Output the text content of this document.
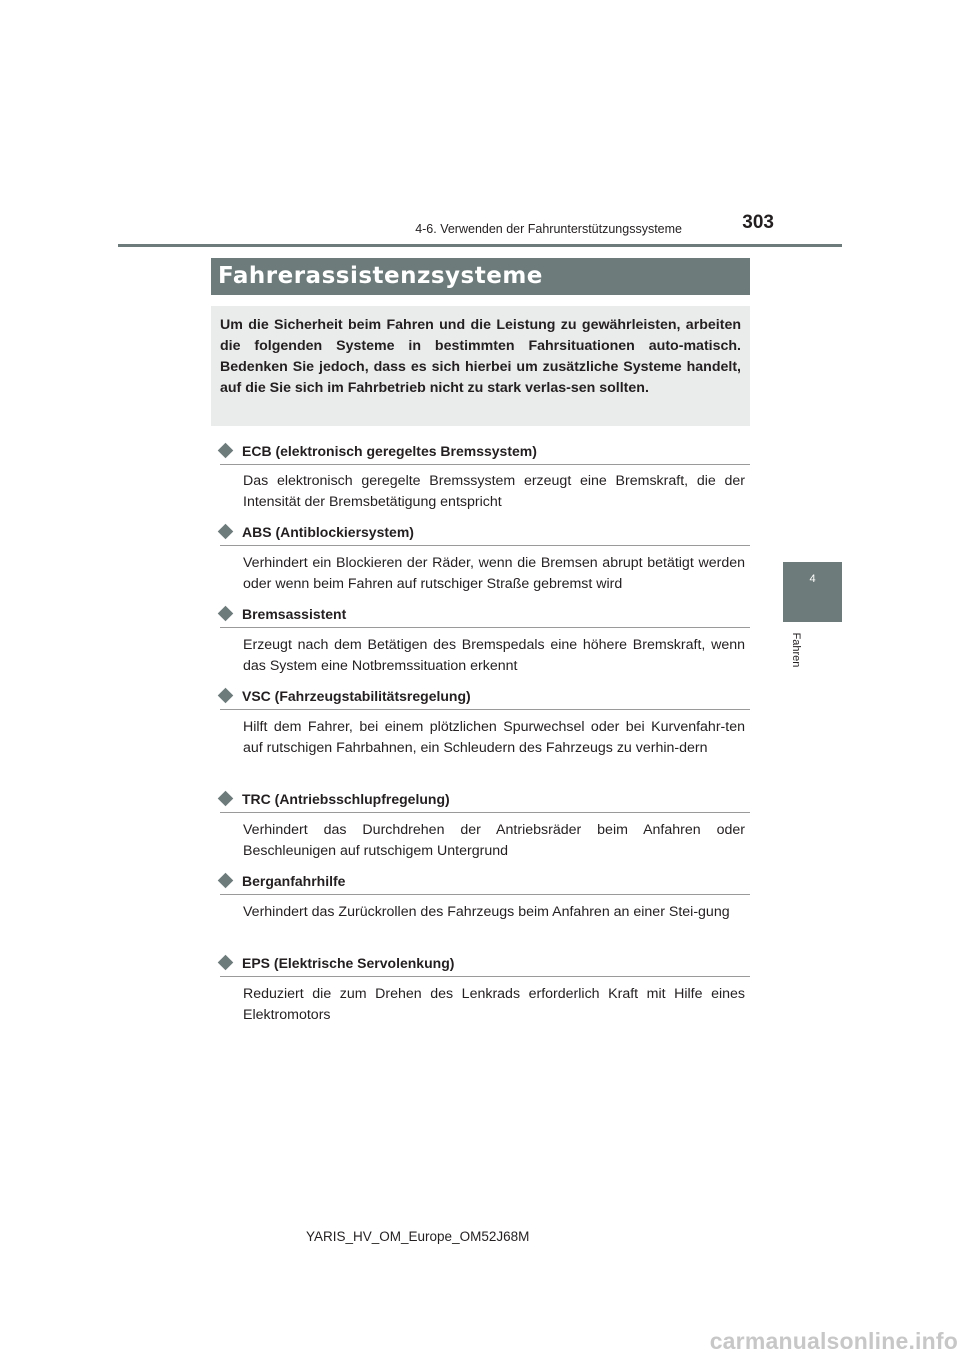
4-6. Verwenden der Fahrunterstützungssysteme	303
4
Fahren
Fahrerassistenzsysteme
Um die Sicherheit beim Fahren und die Leistung zu gewährleisten, arbeiten die folgenden Systeme in bestimmten Fahrsituationen auto-matisch. Bedenken Sie jedoch, dass es sich hierbei um zusätzliche Systeme handelt, auf die Sie sich im Fahrbetrieb nicht zu stark verlas-sen sollten.
ECB (elektronisch geregeltes Bremssystem)
Das elektronisch geregelte Bremssystem erzeugt eine Bremskraft, die der Intensität der Bremsbetätigung entspricht
ABS (Antiblockiersystem)
Verhindert ein Blockieren der Räder, wenn die Bremsen abrupt betätigt werden oder wenn beim Fahren auf rutschiger Straße gebremst wird
Bremsassistent
Erzeugt nach dem Betätigen des Bremspedals eine höhere Bremskraft, wenn das System eine Notbremssituation erkennt
VSC (Fahrzeugstabilitätsregelung)
Hilft dem Fahrer, bei einem plötzlichen Spurwechsel oder bei Kurvenfahr-ten auf rutschigen Fahrbahnen, ein Schleudern des Fahrzeugs zu verhin-dern
TRC (Antriebsschlupfregelung)
Verhindert das Durchdrehen der Antriebsräder beim Anfahren oder Beschleunigen auf rutschigem Untergrund
Berganfahrhilfe
Verhindert das Zurückrollen des Fahrzeugs beim Anfahren an einer Stei-gung
EPS (Elektrische Servolenkung)
Reduziert die zum Drehen des Lenkrads erforderlich Kraft mit Hilfe eines Elektromotors
YARIS_HV_OM_Europe_OM52J68M
carmanualsonline.info
